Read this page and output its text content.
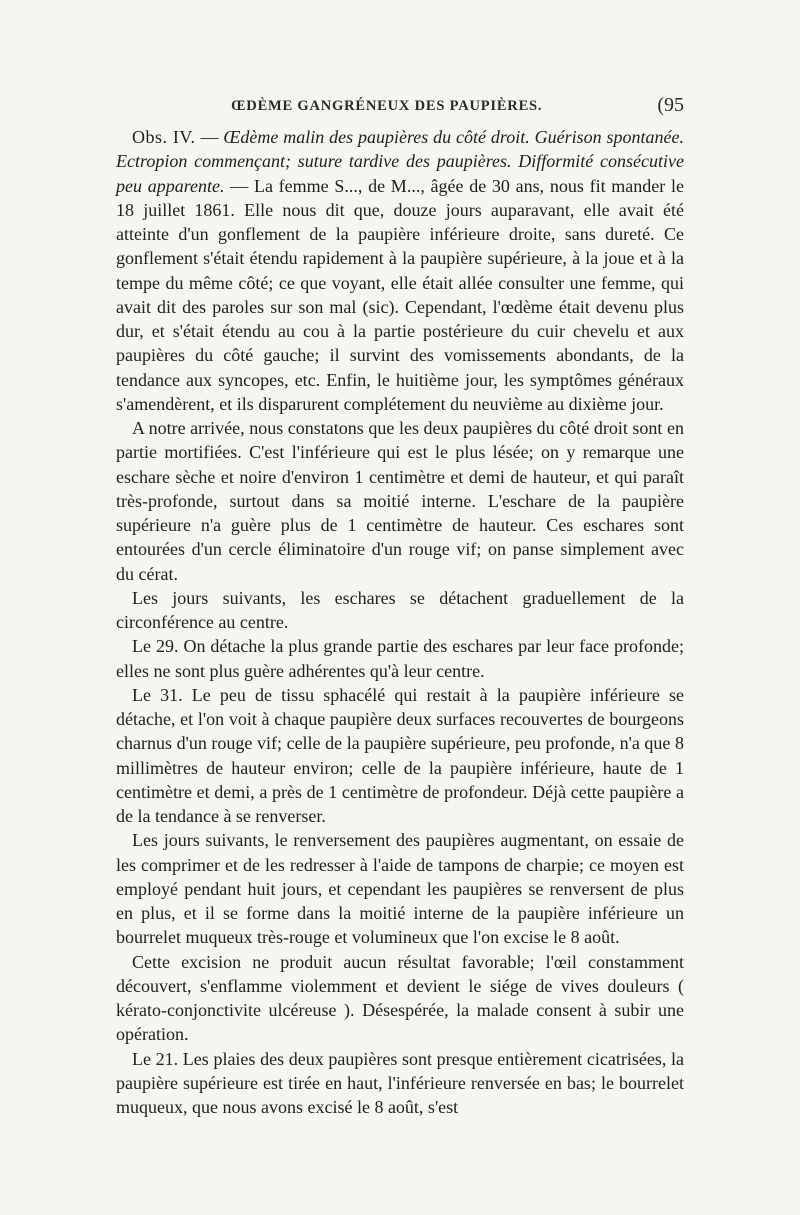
ŒDÈME GANGRÉNEUX DES PAUPIÈRES.	(95

Obs. IV. — Œdème malin des paupières du côté droit. Guérison spontanée. Ectropion commençant; suture tardive des paupières. Difformité consécutive peu apparente. — La femme S..., de M..., âgée de 30 ans, nous fit mander le 18 juillet 1861. Elle nous dit que, douze jours auparavant, elle avait été atteinte d'un gonflement de la paupière inférieure droite, sans dureté. Ce gonflement s'était étendu rapidement à la paupière supérieure, à la joue et à la tempe du même côté; ce que voyant, elle était allée consulter une femme, qui avait dit des paroles sur son mal (sic). Cependant, l'œdème était devenu plus dur, et s'était étendu au cou à la partie postérieure du cuir chevelu et aux paupières du côté gauche; il survint des vomissements abondants, de la tendance aux syncopes, etc. Enfin, le huitième jour, les symptômes généraux s'amendèrent, et ils disparurent complétement du neuvième au dixième jour.

A notre arrivée, nous constatons que les deux paupières du côté droit sont en partie mortifiées. C'est l'inférieure qui est le plus lésée; on y remarque une eschare sèche et noire d'environ 1 centimètre et demi de hauteur, et qui paraît très-profonde, surtout dans sa moitié interne. L'eschare de la paupière supérieure n'a guère plus de 1 centimètre de hauteur. Ces eschares sont entourées d'un cercle éliminatoire d'un rouge vif; on panse simplement avec du cérat.

Les jours suivants, les eschares se détachent graduellement de la circonférence au centre.

Le 29. On détache la plus grande partie des eschares par leur face profonde; elles ne sont plus guère adhérentes qu'à leur centre.

Le 31. Le peu de tissu sphacélé qui restait à la paupière inférieure se détache, et l'on voit à chaque paupière deux surfaces recouvertes de bourgeons charnus d'un rouge vif; celle de la paupière supérieure, peu profonde, n'a que 8 millimètres de hauteur environ; celle de la paupière inférieure, haute de 1 centimètre et demi, a près de 1 centimètre de profondeur. Déjà cette paupière a de la tendance à se renverser.

Les jours suivants, le renversement des paupières augmentant, on essaie de les comprimer et de les redresser à l'aide de tampons de charpie; ce moyen est employé pendant huit jours, et cependant les paupières se renversent de plus en plus, et il se forme dans la moitié interne de la paupière inférieure un bourrelet muqueux très-rouge et volumineux que l'on excise le 8 août.

Cette excision ne produit aucun résultat favorable; l'œil constamment découvert, s'enflamme violemment et devient le siége de vives douleurs ( kérato-conjonctivite ulcéreuse ). Désespérée, la malade consent à subir une opération.

Le 21. Les plaies des deux paupières sont presque entièrement cicatrisées, la paupière supérieure est tirée en haut, l'inférieure renversée en bas; le bourrelet muqueux, que nous avons excisé le 8 août, s'est
